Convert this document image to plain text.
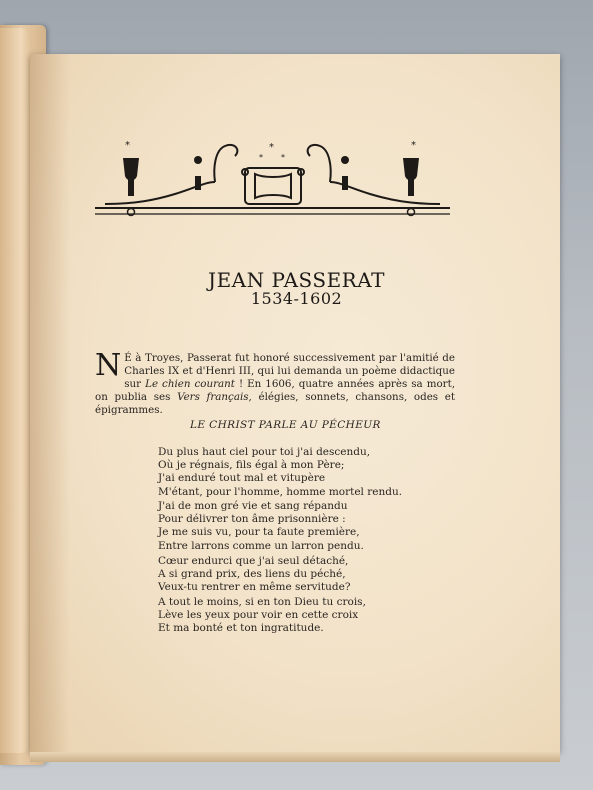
*	*
*
* *
JEAN PASSERAT
1534-1602
N É à Troyes, Passerat fut honoré successivement par l'amitié de Charles IX et d'Henri III, qui lui demanda un poème didactique sur Le chien courant ! En 1606, quatre années après sa mort, on publia ses Vers français, élégies, sonnets, chansons, odes et épigrammes.
LE CHRIST PARLE AU PÉCHEUR
Du plus haut ciel pour toi j'ai descendu,
Où je régnais, fils égal à mon Père;
J'ai enduré tout mal et vitupère
M'étant, pour l'homme, homme mortel rendu.
J'ai de mon gré vie et sang répandu
Pour délivrer ton âme prisonnière :
Je me suis vu, pour ta faute première,
Entre larrons comme un larron pendu.
Cœur endurci que j'ai seul détaché,
A si grand prix, des liens du péché,
Veux-tu rentrer en même servitude?
A tout le moins, si en ton Dieu tu crois,
Lève les yeux pour voir en cette croix
Et ma bonté et ton ingratitude.
